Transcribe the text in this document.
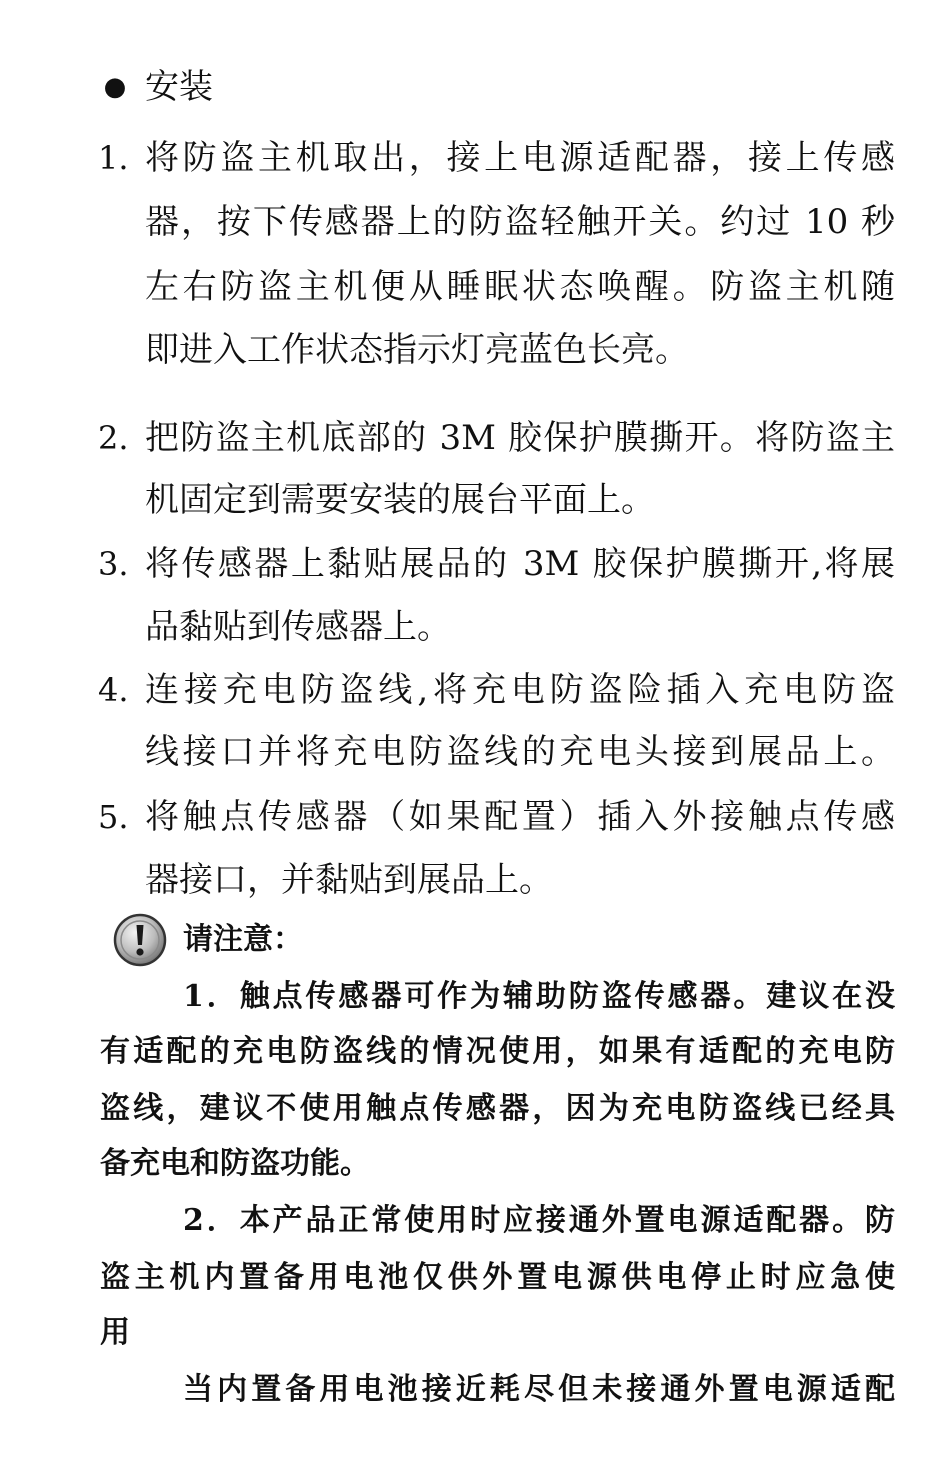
● 安装
1. 将防盗主机取出，接上电源适配器，接上传感
器，按下传感器上的防盗轻触开关。约过 10 秒
左右防盗主机便从睡眠状态唤醒。防盗主机随
即进入工作状态指示灯亮蓝色长亮。
2. 把防盗主机底部的 3M 胶保护膜撕开。将防盗主
机固定到需要安装的展台平面上。
3. 将传感器上黏贴展品的 3M 胶保护膜撕开,将展
品黏贴到传感器上。
4. 连接充电防盗线,将充电防盗险插入充电防盗
线接口并将充电防盗线的充电头接到展品上。
5. 将触点传感器（如果配置）插入外接触点传感
器接口，并黏贴到展品上。
请注意：
1．触点传感器可作为辅助防盗传感器。建议在没
有适配的充电防盗线的情况使用，如果有适配的充电防
盗线，建议不使用触点传感器，因为充电防盗线已经具
备充电和防盗功能。
2．本产品正常使用时应接通外置电源适配器。防
盗主机内置备用电池仅供外置电源供电停止时应急使
用
当内置备用电池接近耗尽但未接通外置电源适配
